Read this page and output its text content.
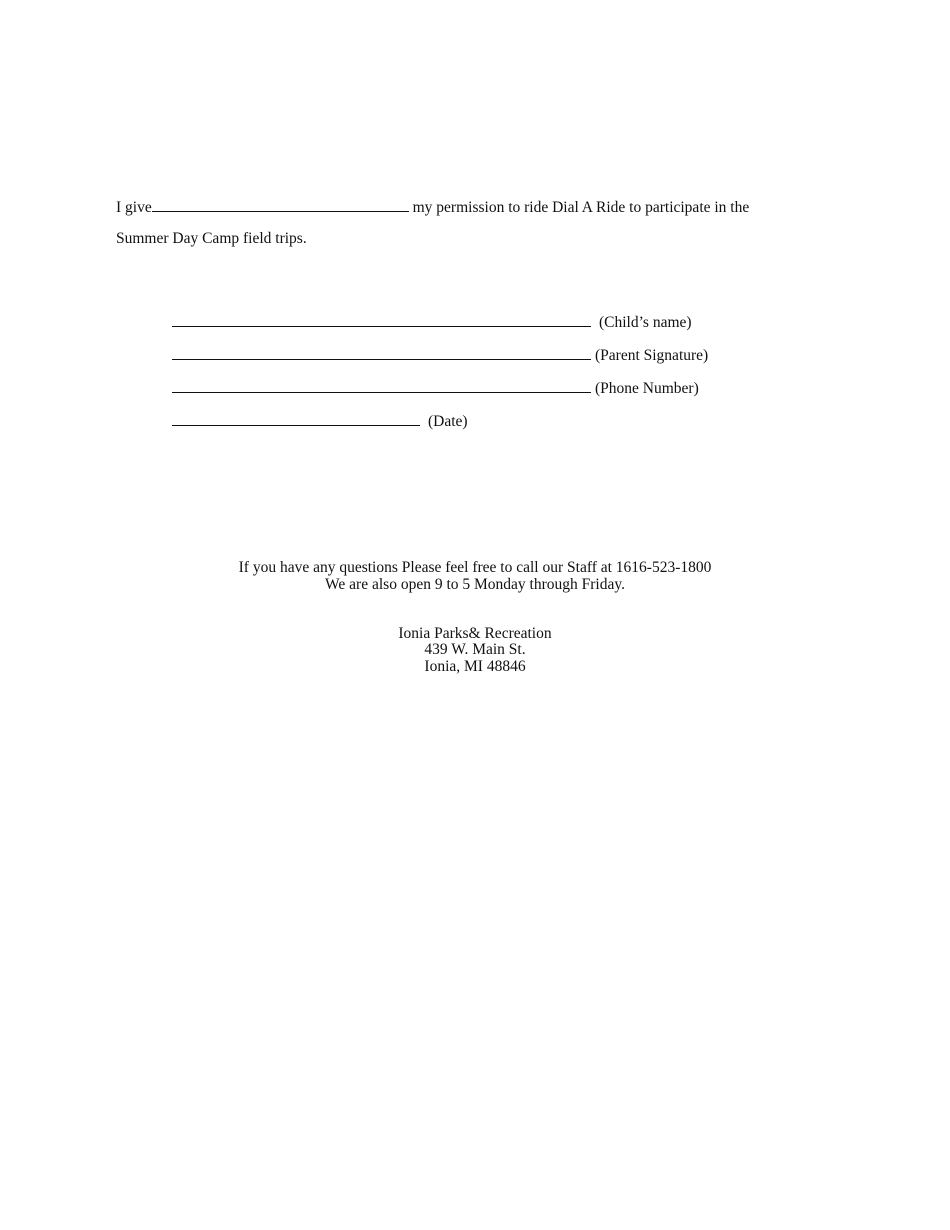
I give	my permission to ride Dial A Ride to participate in the
Summer Day Camp field trips.
(Child’s name)
(Parent Signature)
(Phone Number)
(Date)
If you have any questions Please feel free to call our Staff at 1616-523-1800
We are also open 9 to 5 Monday through Friday.
Ionia Parks& Recreation
439 W. Main St.
Ionia, MI 48846
